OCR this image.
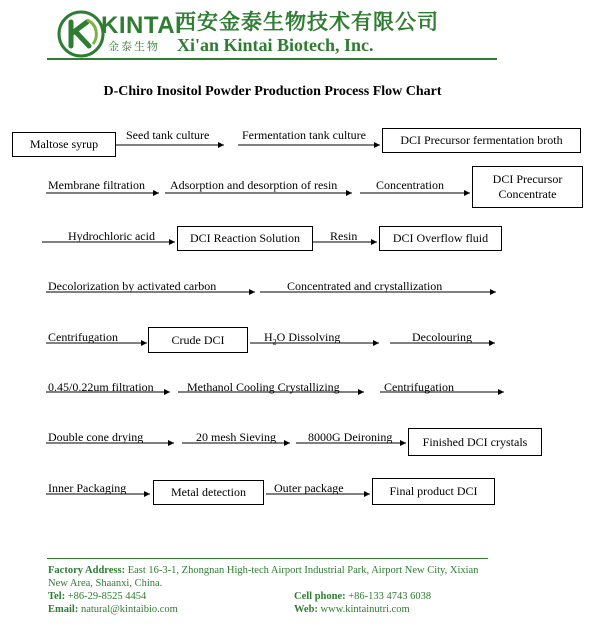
KINTAI
金泰生物
西安金泰生物技术有限公司
Xi'an Kintai Biotech, Inc.
D-Chiro Inositol Powder Production Process Flow Chart
Maltose syrup
Seed tank culture	Fermentation tank culture	DCI Precursor fermentation broth
Membrane filtration Adsorption and desorption of resin	Concentration	DCI Precursor
Concentrate
Hydrochloric acid	DCI Reaction Solution	Resin	DCI Overflow fluid
Decolorization by activated carbon	Concentrated and crystallization
Centrifugation	Crude DCI	$H_2O$ Dissolving	Decolouring
0.45/0.22um filtration	Methanol Cooling Crystallizing	Centrifugation
Double cone drying	20 mesh Sieving	8000G Deironing	Finished DCI crystals
Inner Packaging	Metal detection	Outer package	Final product DCI
Factory Address: East 16-3-1, Zhongnan High-tech Airport Industrial Park, Airport New City, Xixian
New Area, Shaanxi, China.
Tel: +86-29-8525 4454	Cell phone: +86-133 4743 6038
Email: natural@kintaibio.com	Web: www.kintainutri.com
